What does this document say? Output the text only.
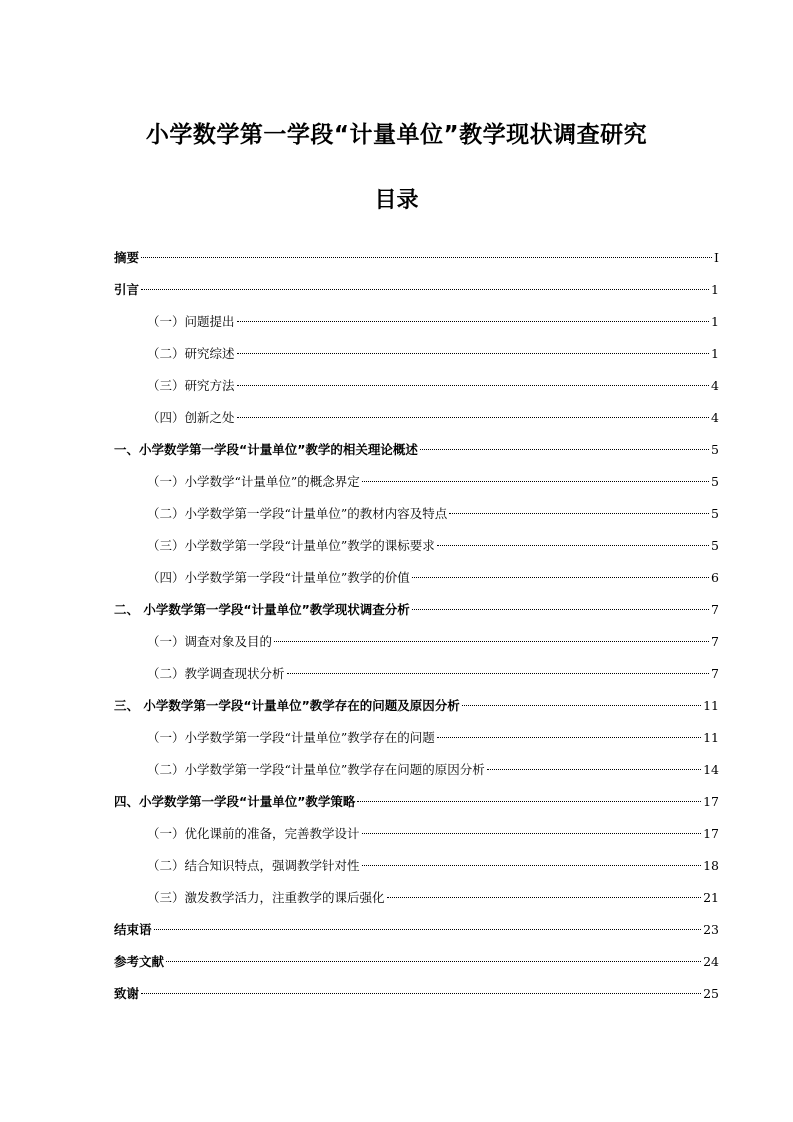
小学数学第一学段“计量单位”教学现状调查研究
目录
摘要	I
引言	1
（一）问题提出	1
（二）研究综述	1
（三）研究方法	4
（四）创新之处	4
一、小学数学第一学段“计量单位”教学的相关理论概述	5
（一）小学数学“计量单位”的概念界定	5
（二）小学数学第一学段“计量单位”的教材内容及特点	5
（三）小学数学第一学段“计量单位”教学的课标要求	5
（四）小学数学第一学段“计量单位”教学的价值	6
二、 小学数学第一学段“计量单位”教学现状调查分析	7
（一）调查对象及目的	7
（二）教学调查现状分析	7
三、 小学数学第一学段“计量单位”教学存在的问题及原因分析	11
（一）小学数学第一学段“计量单位”教学存在的问题	11
（二）小学数学第一学段“计量单位”教学存在问题的原因分析	14
四、小学数学第一学段“计量单位”教学策略	17
（一）优化课前的准备，完善教学设计	17
（二）结合知识特点，强调教学针对性	18
（三）激发教学活力，注重教学的课后强化	21
结束语	23
参考文献	24
致谢	25
